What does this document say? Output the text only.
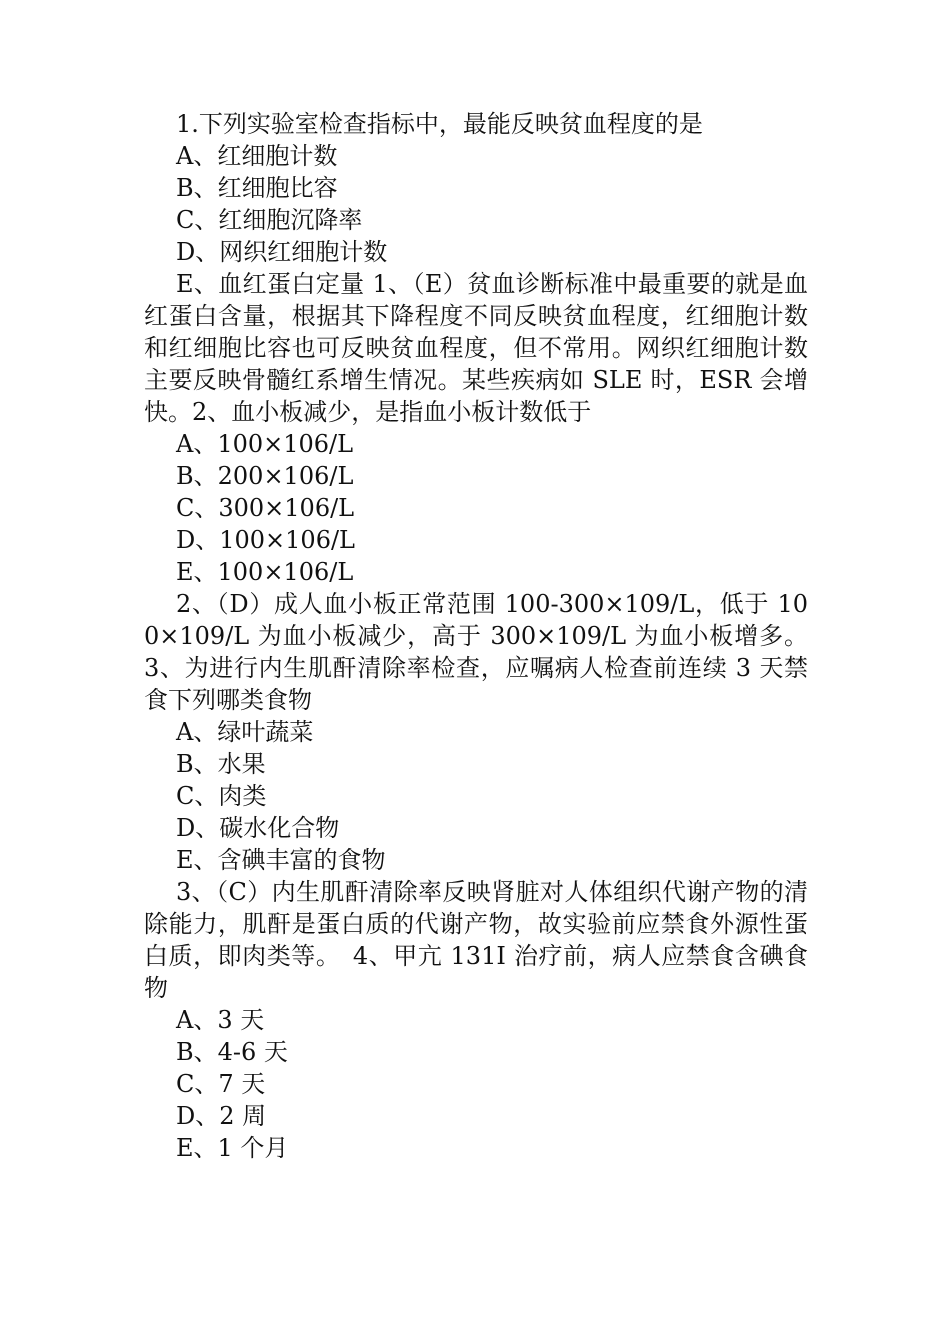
1.下列实验室检查指标中，最能反映贫血程度的是

A、红细胞计数

B、红细胞比容

C、红细胞沉降率

D、网织红细胞计数

E、血红蛋白定量 1、（E）贫血诊断标准中最重要的就是血红蛋白含量，根据其下降程度不同反映贫血程度，红细胞计数和红细胞比容也可反映贫血程度，但不常用。网织红细胞计数主要反映骨髓红系增生情况。某些疾病如 SLE 时，ESR 会增快。2、血小板减少，是指血小板计数低于

A、100×106/L

B、200×106/L

C、300×106/L

D、100×106/L

E、100×106/L

2、（D）成人血小板正常范围 100-300×109/L，低于 100×109/L 为血小板减少，高于 300×109/L 为血小板增多。3、为进行内生肌酐清除率检查，应嘱病人检查前连续 3 天禁食下列哪类食物

A、绿叶蔬菜

B、水果

C、肉类

D、碳水化合物

E、含碘丰富的食物

3、（C）内生肌酐清除率反映肾脏对人体组织代谢产物的清除能力，肌酐是蛋白质的代谢产物，故实验前应禁食外源性蛋白质，即肉类等。　4、甲亢 131I 治疗前，病人应禁食含碘食物

A、3 天

B、4-6 天

C、7 天

D、2 周

E、1 个月
